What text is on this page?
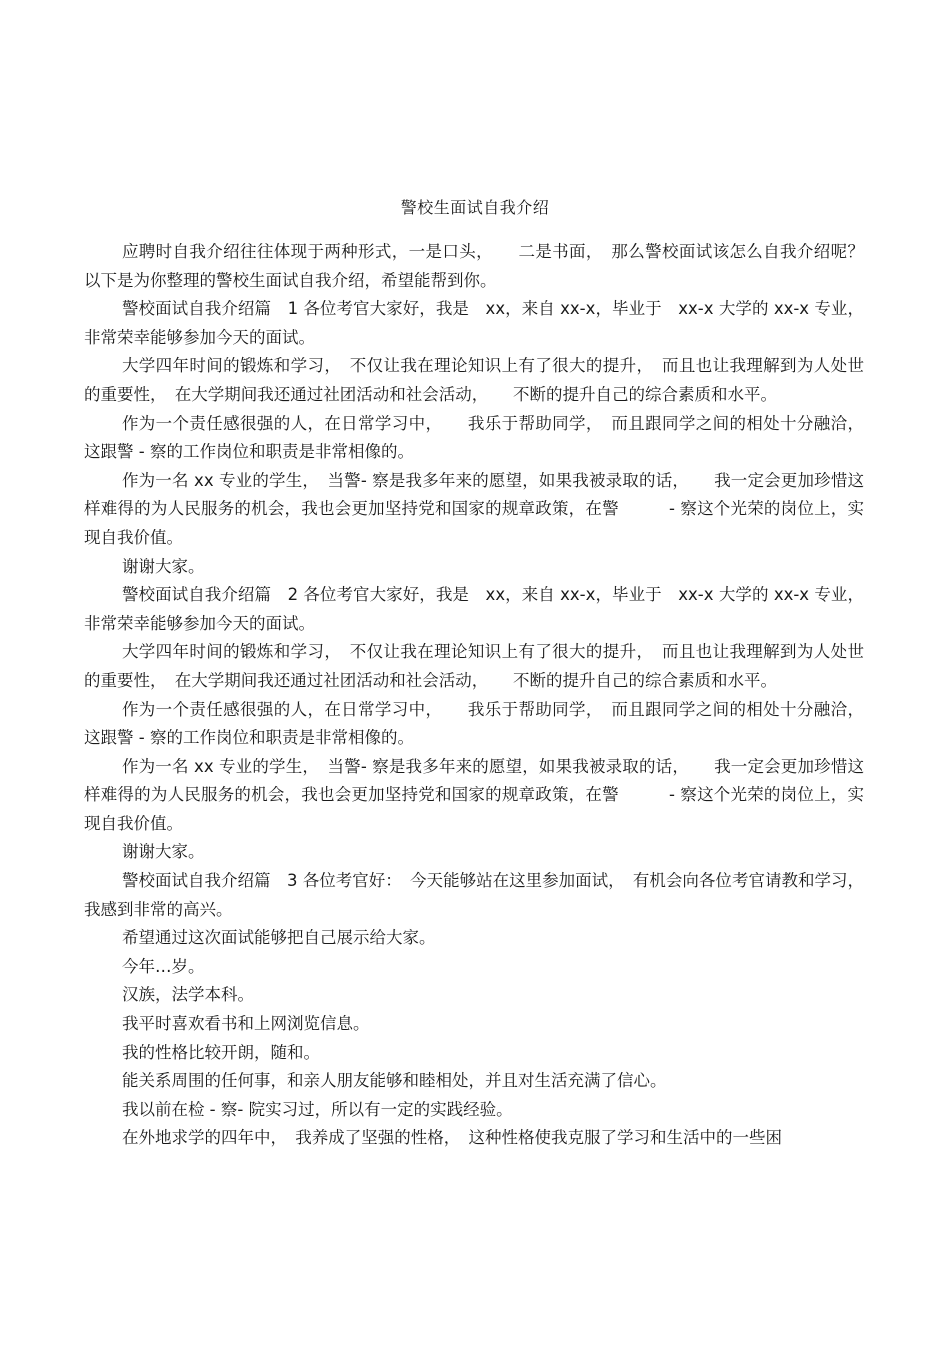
警校生面试自我介绍

应聘时自我介绍往往体现于两种形式，一是口头，　　二是书面，　那么警校面试该怎么自我介绍呢？以下是为你整理的警校生面试自我介绍，希望能帮到你。

警校面试自我介绍篇　1 各位考官大家好，我是　xx，来自 xx-x，毕业于　xx-x 大学的 xx-x 专业，非常荣幸能够参加今天的面试。

大学四年时间的锻炼和学习，　不仅让我在理论知识上有了很大的提升，　而且也让我理解到为人处世的重要性，　在大学期间我还通过社团活动和社会活动，　　不断的提升自己的综合素质和水平。

作为一个责任感很强的人，在日常学习中，　　我乐于帮助同学，　而且跟同学之间的相处十分融洽，这跟警 - 察的工作岗位和职责是非常相像的。

作为一名 xx 专业的学生，　当警- 察是我多年来的愿望，如果我被录取的话，　　我一定会更加珍惜这样难得的为人民服务的机会，我也会更加坚持党和国家的规章政策，在警　　　- 察这个光荣的岗位上，实现自我价值。

谢谢大家。

警校面试自我介绍篇　2 各位考官大家好，我是　xx，来自 xx-x，毕业于　xx-x 大学的 xx-x 专业，非常荣幸能够参加今天的面试。

大学四年时间的锻炼和学习，　不仅让我在理论知识上有了很大的提升，　而且也让我理解到为人处世的重要性，　在大学期间我还通过社团活动和社会活动，　　不断的提升自己的综合素质和水平。

作为一个责任感很强的人，在日常学习中，　　我乐于帮助同学，　而且跟同学之间的相处十分融洽，这跟警 - 察的工作岗位和职责是非常相像的。

作为一名 xx 专业的学生，　当警- 察是我多年来的愿望，如果我被录取的话，　　我一定会更加珍惜这样难得的为人民服务的机会，我也会更加坚持党和国家的规章政策，在警　　　- 察这个光荣的岗位上，实现自我价值。

谢谢大家。

警校面试自我介绍篇　3 各位考官好：　今天能够站在这里参加面试，　有机会向各位考官请教和学习，我感到非常的高兴。

希望通过这次面试能够把自己展示给大家。

今年…岁。

汉族，法学本科。

我平时喜欢看书和上网浏览信息。

我的性格比较开朗，随和。

能关系周围的任何事，和亲人朋友能够和睦相处，并且对生活充满了信心。

我以前在检 - 察- 院实习过，所以有一定的实践经验。

在外地求学的四年中，　我养成了坚强的性格，　这种性格使我克服了学习和生活中的一些困
